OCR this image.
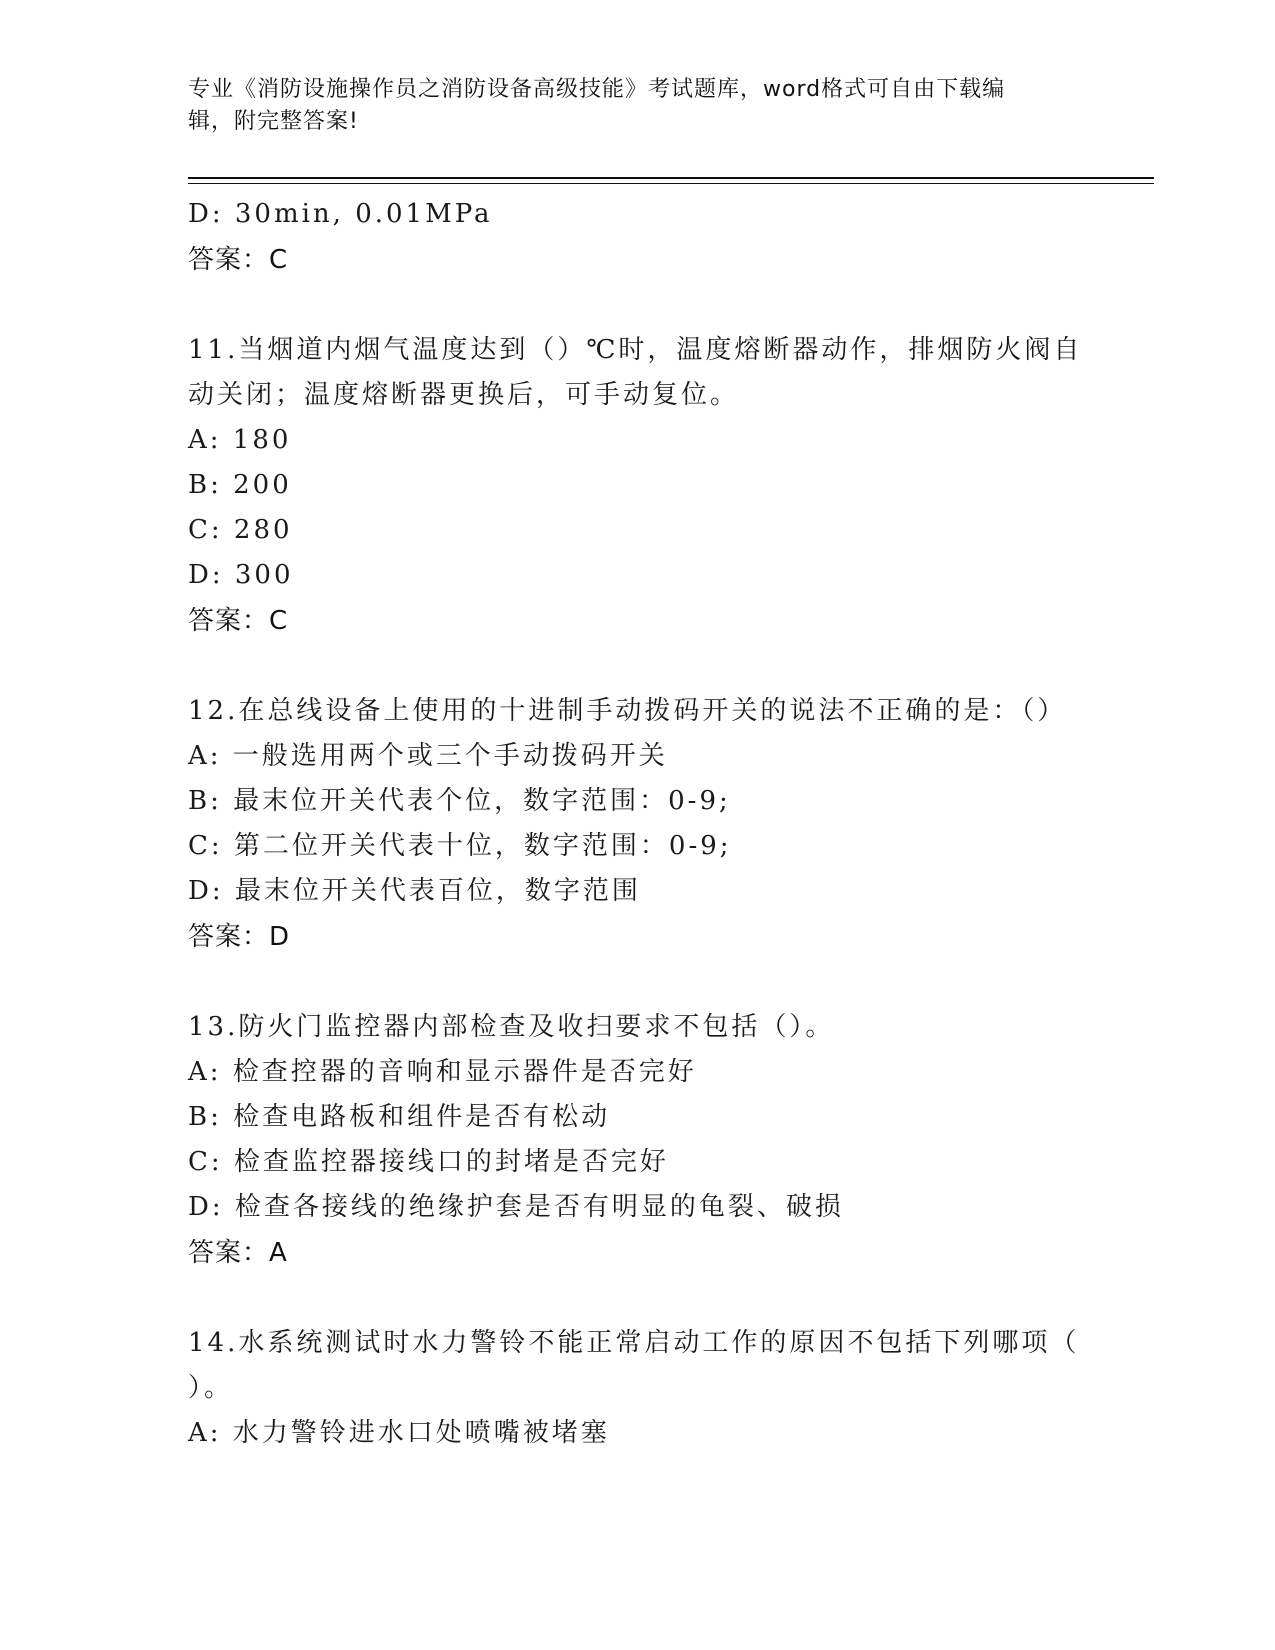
专业《消防设施操作员之消防设备高级技能》考试题库，word格式可自由下载编
辑，附完整答案!
D: 30min, 0.01MPa
答案：C
11.当烟道内烟气温度达到（）℃时，温度熔断器动作，排烟防火阀自
动关闭；温度熔断器更换后，可手动复位。
A: 180
B: 200
C: 280
D: 300
答案：C
12.在总线设备上使用的十进制手动拨码开关的说法不正确的是：（）
A: 一般选用两个或三个手动拨码开关
B: 最末位开关代表个位，数字范围：0-9;
C: 第二位开关代表十位，数字范围：0-9;
D: 最末位开关代表百位，数字范围
答案：D
13.防火门监控器内部检查及收扫要求不包括（）。
A: 检查控器的音响和显示器件是否完好
B: 检查电路板和组件是否有松动
C: 检查监控器接线口的封堵是否完好
D: 检查各接线的绝缘护套是否有明显的龟裂、破损
答案：A
14.水系统测试时水力警铃不能正常启动工作的原因不包括下列哪项（
）。
A: 水力警铃进水口处喷嘴被堵塞
